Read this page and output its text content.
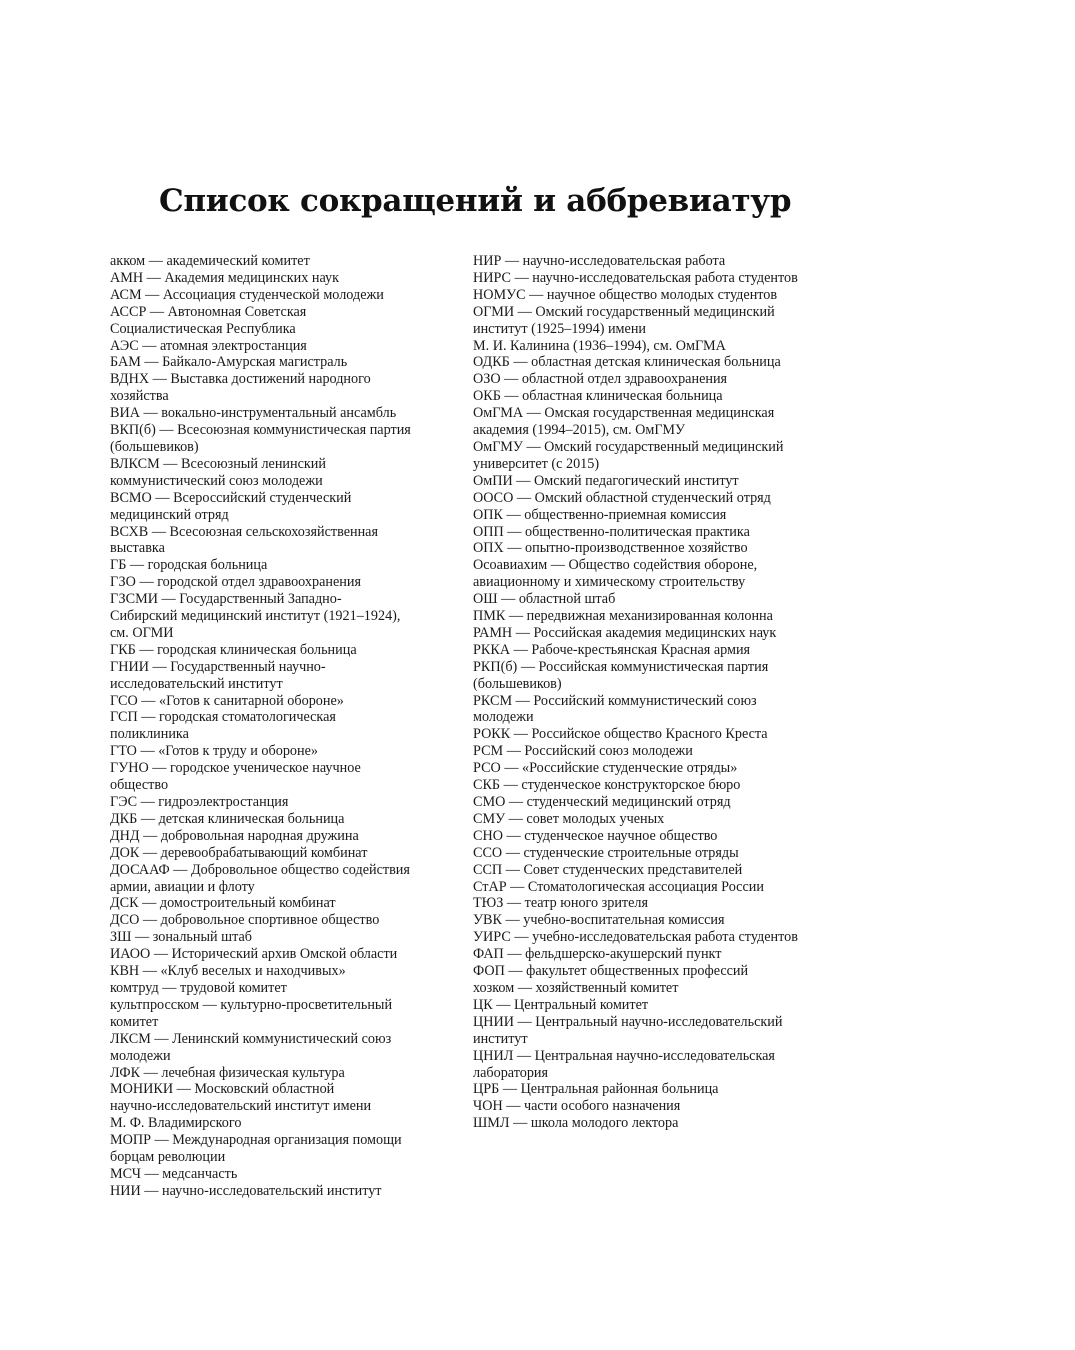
Список сокращений и аббревиатур
акком — академический комитет
АМН — Академия медицинских наук
АСМ — Ассоциация студенческой молодежи
АССР — Автономная Советская
Социалистическая Республика
АЭС — атомная электростанция
БАМ — Байкало-Амурская магистраль
ВДНХ — Выставка достижений народного
хозяйства
ВИА — вокально-инструментальный ансамбль
ВКП(б) — Всесоюзная коммунистическая партия
(большевиков)
ВЛКСМ — Всесоюзный ленинский
коммунистический союз молодежи
ВСМО — Всероссийский студенческий
медицинский отряд
ВСХВ — Всесоюзная сельскохозяйственная
выставка
ГБ — городская больница
ГЗО — городской отдел здравоохранения
ГЗСМИ — Государственный Западно-
Сибирский медицинский институт (1921–1924),
см. ОГМИ
ГКБ — городская клиническая больница
ГНИИ — Государственный научно-
исследовательский институт
ГСО — «Готов к санитарной обороне»
ГСП — городская стоматологическая
поликлиника
ГТО — «Готов к труду и обороне»
ГУНО — городское ученическое научное
общество
ГЭС — гидроэлектростанция
ДКБ — детская клиническая больница
ДНД — добровольная народная дружина
ДОК — деревообрабатывающий комбинат
ДОСААФ — Добровольное общество содействия
армии, авиации и флоту
ДСК — домостроительный комбинат
ДСО — добровольное спортивное общество
ЗШ — зональный штаб
ИАОО — Исторический архив Омской области
КВН — «Клуб веселых и находчивых»
комтруд — трудовой комитет
культпросском — культурно-просветительный
комитет
ЛКСМ — Ленинский коммунистический союз
молодежи
ЛФК — лечебная физическая культура
МОНИКИ — Московский областной
научно-исследовательский институт имени
М. Ф. Владимирского
МОПР — Международная организация помощи
борцам революции
МСЧ — медсанчасть
НИИ — научно-исследовательский институт
НИР — научно-исследовательская работа
НИРС — научно-исследовательская работа студентов
НОМУС — научное общество молодых студентов
ОГМИ — Омский государственный медицинский
институт (1925–1994) имени
М. И. Калинина (1936–1994), см. ОмГМА
ОДКБ — областная детская клиническая больница
ОЗО — областной отдел здравоохранения
ОКБ — областная клиническая больница
ОмГМА — Омская государственная медицинская
академия (1994–2015), см. ОмГМУ
ОмГМУ — Омский государственный медицинский
университет (с 2015)
ОмПИ — Омский педагогический институт
ООСО — Омский областной студенческий отряд
ОПК — общественно-приемная комиссия
ОПП — общественно-политическая практика
ОПХ — опытно-производственное хозяйство
Осоавиахим — Общество содействия обороне,
авиационному и химическому строительству
ОШ — областной штаб
ПМК — передвижная механизированная колонна
РАМН — Российская академия медицинских наук
РККА — Рабоче-крестьянская Красная армия
РКП(б) — Российская коммунистическая партия
(большевиков)
РКСМ — Российский коммунистический союз
молодежи
РОКК — Российское общество Красного Креста
РСМ — Российский союз молодежи
РСО — «Российские студенческие отряды»
СКБ — студенческое конструкторское бюро
СМО — студенческий медицинский отряд
СМУ — совет молодых ученых
СНО — студенческое научное общество
ССО — студенческие строительные отряды
ССП — Совет студенческих представителей
СтАР — Стоматологическая ассоциация России
ТЮЗ — театр юного зрителя
УВК — учебно-воспитательная комиссия
УИРС — учебно-исследовательская работа студентов
ФАП — фельдшерско-акушерский пункт
ФОП — факультет общественных профессий
хозком — хозяйственный комитет
ЦК — Центральный комитет
ЦНИИ — Центральный научно-исследовательский
институт
ЦНИЛ — Центральная научно-исследовательская
лаборатория
ЦРБ — Центральная районная больница
ЧОН — части особого назначения
ШМЛ — школа молодого лектора
